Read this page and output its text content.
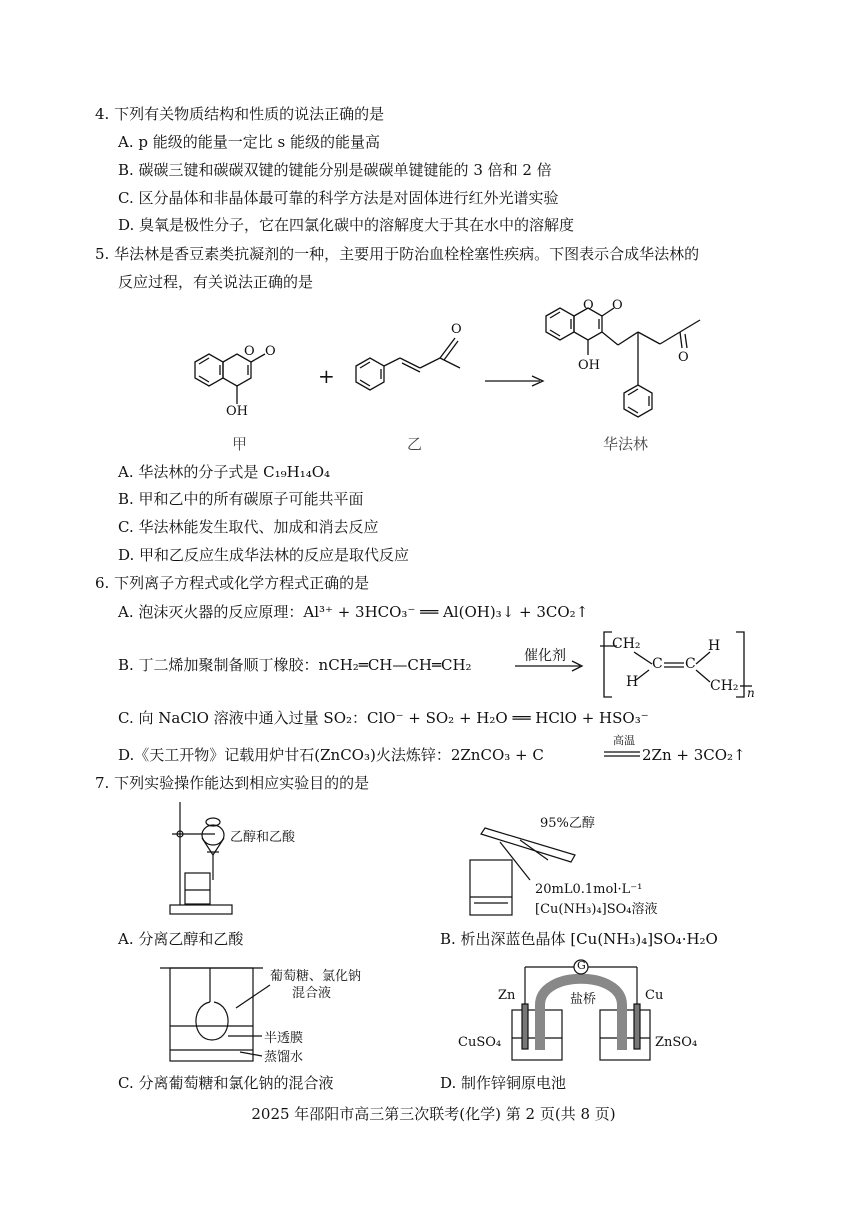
4. 下列有关物质结构和性质的说法正确的是
A. p 能级的能量一定比 s 能级的能量高
B. 碳碳三键和碳碳双键的键能分别是碳碳单键键能的 3 倍和 2 倍
C. 区分晶体和非晶体最可靠的科学方法是对固体进行红外光谱实验
D. 臭氧是极性分子，它在四氯化碳中的溶解度大于其在水中的溶解度
5. 华法林是香豆素类抗凝剂的一种，主要用于防治血栓栓塞性疾病。下图表示合成华法林的
反应过程，有关说法正确的是
O O
OH
甲
+
O
乙
O O
OH
O
华法林
A. 华法林的分子式是 C₁₉H₁₄O₄
B. 甲和乙中的所有碳原子可能共平面
C. 华法林能发生取代、加成和消去反应
D. 甲和乙反应生成华法林的反应是取代反应
6. 下列离子方程式或化学方程式正确的是
A. 泡沫灭火器的反应原理：Al³⁺ + 3HCO₃⁻ ══ Al(OH)₃↓ + 3CO₂↑
B. 丁二烯加聚制备顺丁橡胶：nCH₂═CH—CH═CH₂	催化剂
CH₂
C C
H
H	CH₂ n
C. 向 NaClO 溶液中通入过量 SO₂：ClO⁻ + SO₂ + H₂O ══ HClO + HSO₃⁻
D.《天工开物》记载用炉甘石(ZnCO₃)火法炼锌：2ZnCO₃ + C
高温
2Zn + 3CO₂↑
7. 下列实验操作能达到相应实验目的的是
乙醇和乙酸
95%乙醇
20mL0.1mol·L⁻¹
[Cu(NH₃)₄]SO₄溶液
葡萄糖、氯化钠
混合液
半透膜
蒸馏水
G
Zn	Cu
盐桥
CuSO₄	ZnSO₄
A. 分离乙醇和乙酸	B. 析出深蓝色晶体 [Cu(NH₃)₄]SO₄·H₂O
C. 分离葡萄糖和氯化钠的混合液	D. 制作锌铜原电池
2025 年邵阳市高三第三次联考(化学) 第 2 页(共 8 页)
